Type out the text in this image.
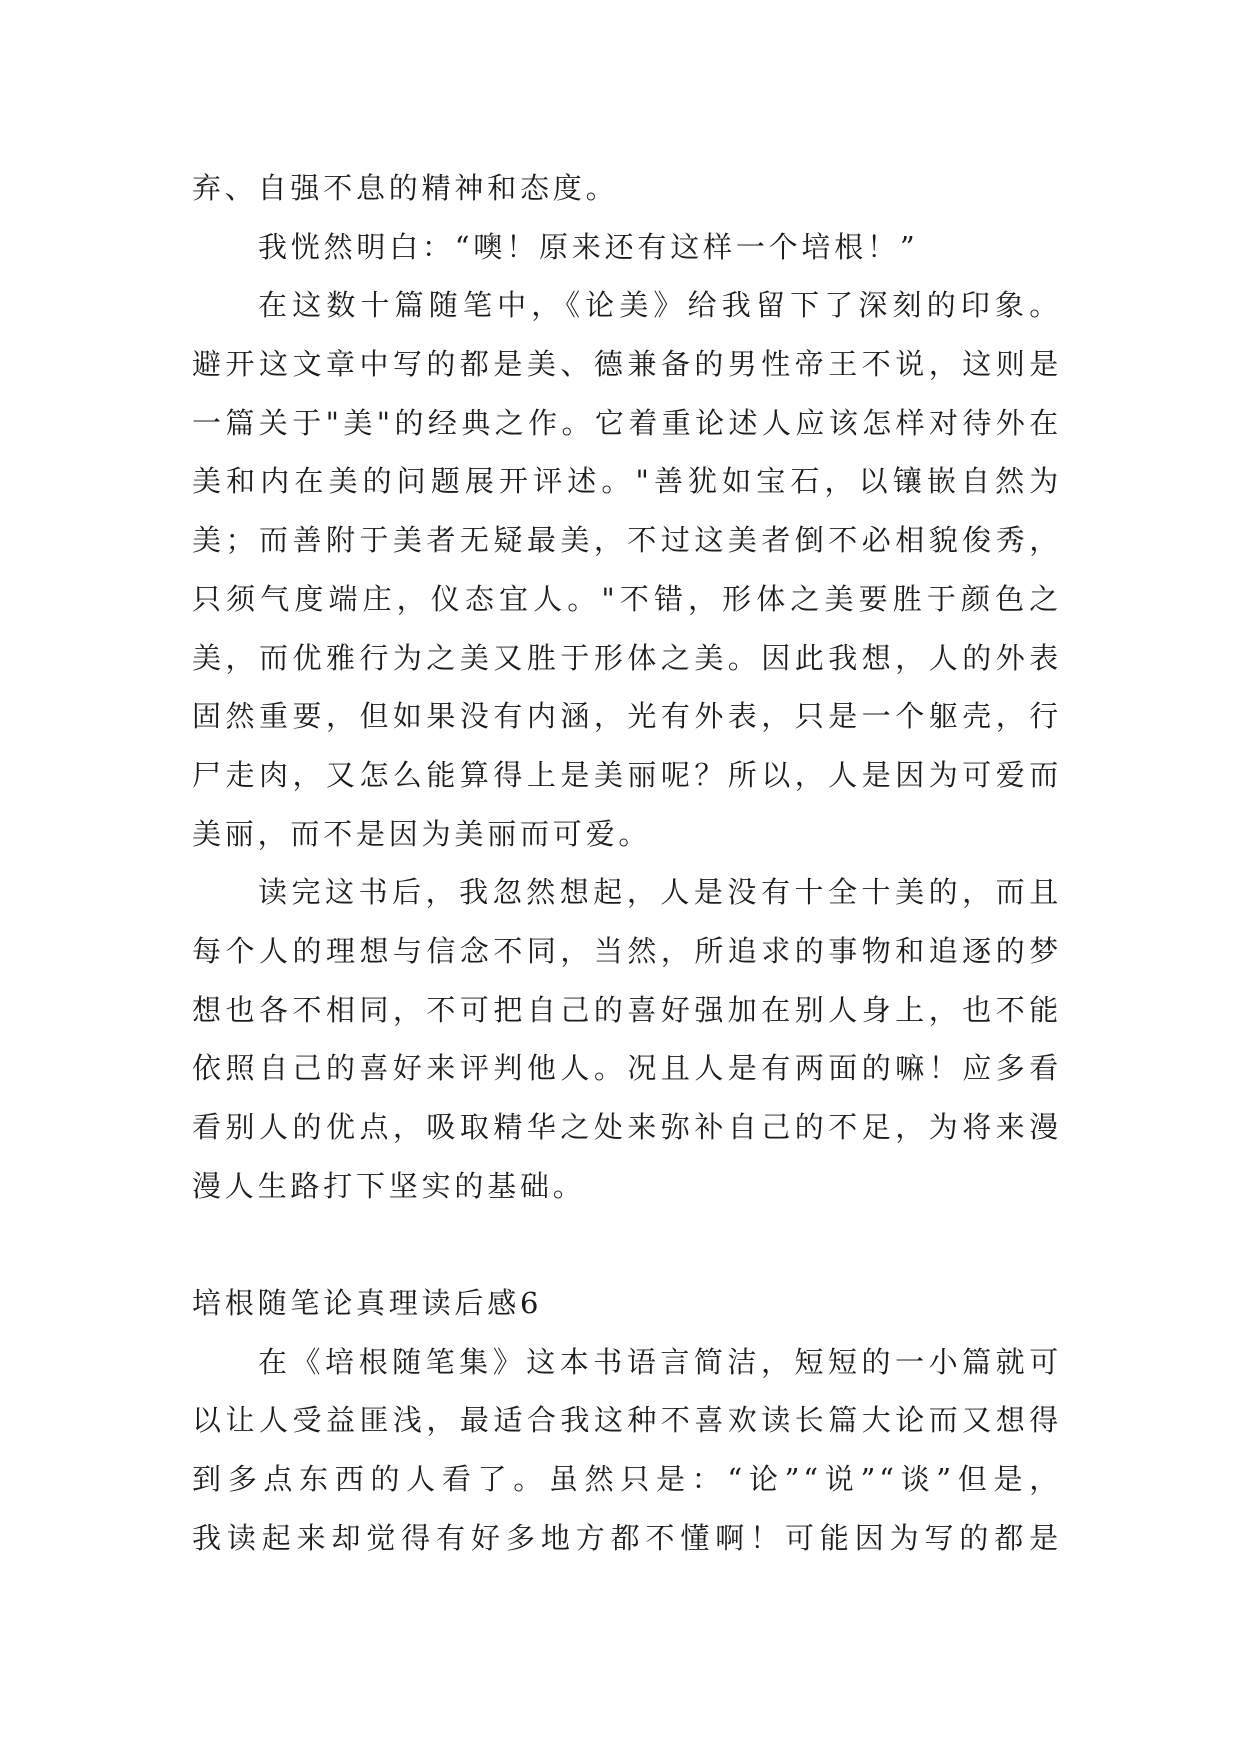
弃、自强不息的精神和态度。
我恍然明白：“噢！原来还有这样一个培根！”
在这数十篇随笔中，《论美》给我留下了深刻的印象。
避开这文章中写的都是美、德兼备的男性帝王不说，这则是
一篇关于"美"的经典之作。它着重论述人应该怎样对待外在
美和内在美的问题展开评述。"善犹如宝石，以镶嵌自然为
美；而善附于美者无疑最美，不过这美者倒不必相貌俊秀，
只须气度端庄，仪态宜人。"不错，形体之美要胜于颜色之
美，而优雅行为之美又胜于形体之美。因此我想，人的外表
固然重要，但如果没有内涵，光有外表，只是一个躯壳，行
尸走肉，又怎么能算得上是美丽呢？所以，人是因为可爱而
美丽，而不是因为美丽而可爱。
读完这书后，我忽然想起，人是没有十全十美的，而且
每个人的理想与信念不同，当然，所追求的事物和追逐的梦
想也各不相同，不可把自己的喜好强加在别人身上，也不能
依照自己的喜好来评判他人。况且人是有两面的嘛！应多看
看别人的优点，吸取精华之处来弥补自己的不足，为将来漫
漫人生路打下坚实的基础。
培根随笔论真理读后感6
在《培根随笔集》这本书语言简洁，短短的一小篇就可
以让人受益匪浅，最适合我这种不喜欢读长篇大论而又想得
到多点东西的人看了。虽然只是：“论”“说”“谈”但是，
我读起来却觉得有好多地方都不懂啊！可能因为写的都是
